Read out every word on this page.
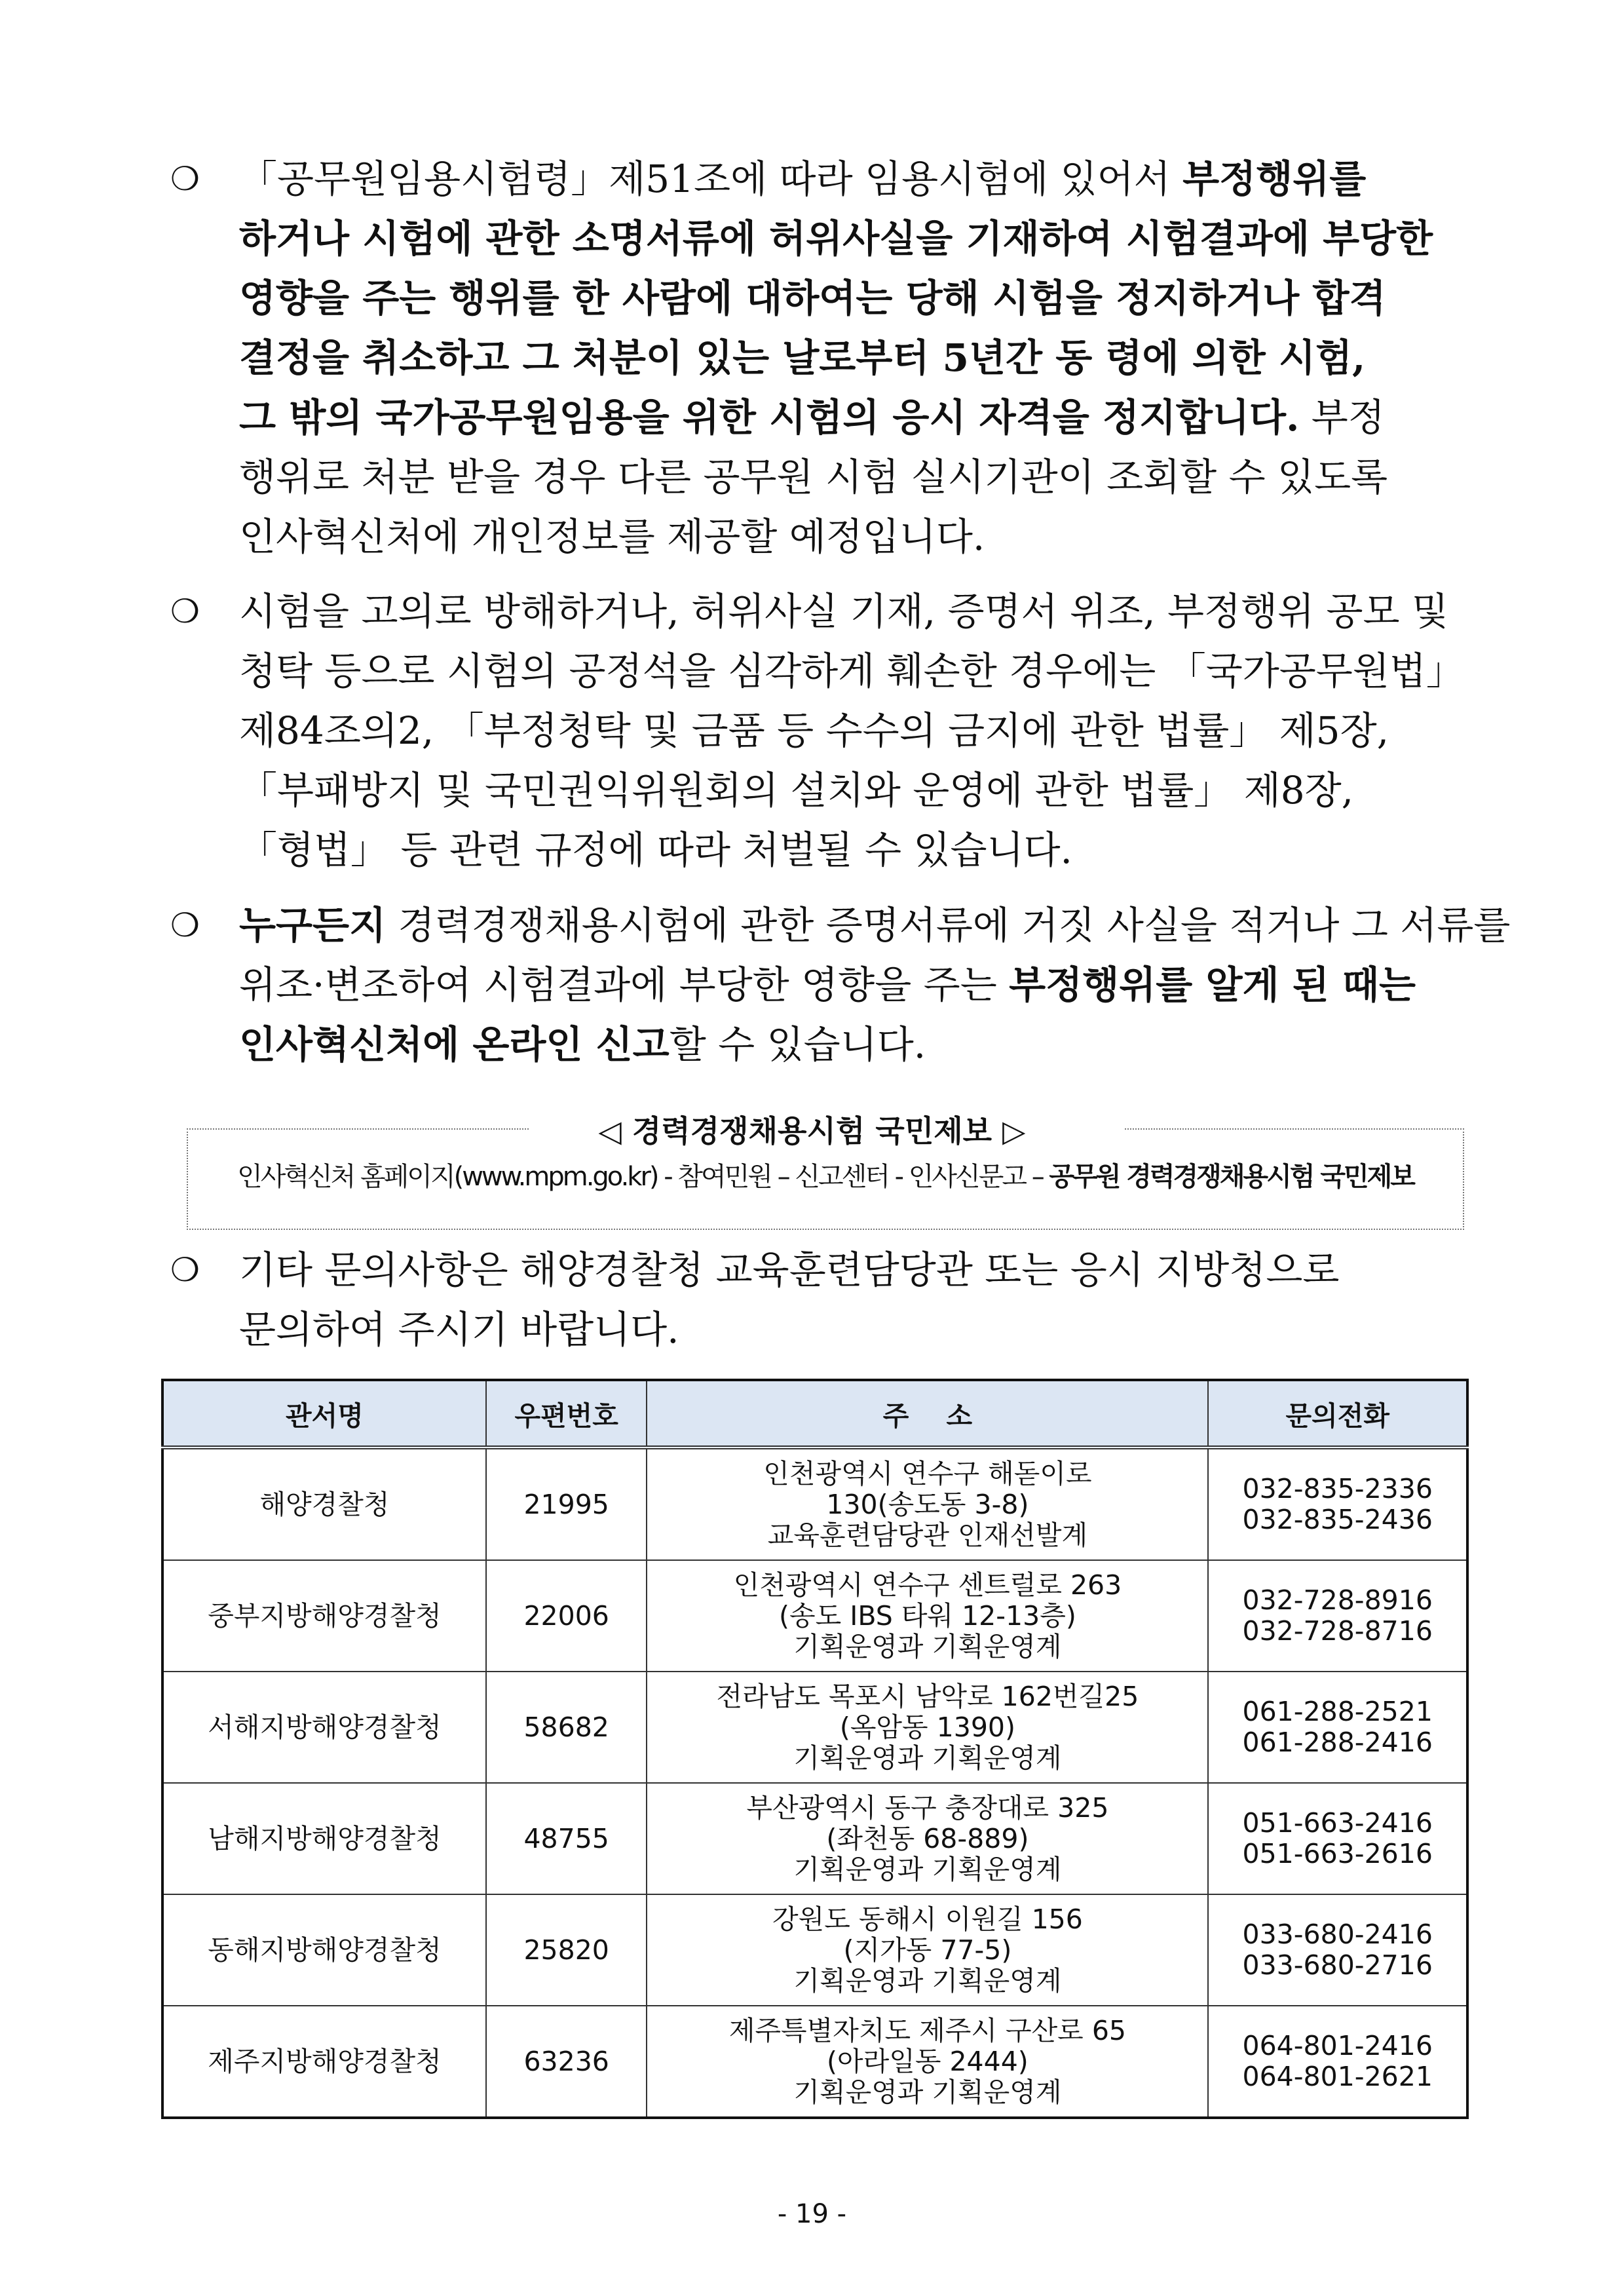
❍ 「공무원임용시험령」제51조에 따라 임용시험에 있어서 부정행위를
하거나 시험에 관한 소명서류에 허위사실을 기재하여 시험결과에 부당한
영향을 주는 행위를 한 사람에 대하여는 당해 시험을 정지하거나 합격
결정을 취소하고 그 처분이 있는 날로부터 5년간 동 령에 의한 시험,
그 밖의 국가공무원임용을 위한 시험의 응시 자격을 정지합니다. 부정
행위로 처분 받을 경우 다른 공무원 시험 실시기관이 조회할 수 있도록
인사혁신처에 개인정보를 제공할 예정입니다.
❍ 시험을 고의로 방해하거나, 허위사실 기재, 증명서 위조, 부정행위 공모 및
청탁 등으로 시험의 공정석을 심각하게 훼손한 경우에는 「국가공무원법」
제84조의2, 「부정청탁 및 금품 등 수수의 금지에 관한 법률」 제5장,
「부패방지 및 국민권익위원회의 설치와 운영에 관한 법률」 제8장,
「형법」 등 관련 규정에 따라 처벌될 수 있습니다.
❍ 누구든지 경력경쟁채용시험에 관한 증명서류에 거짓 사실을 적거나 그 서류를
위조·변조하여 시험결과에 부당한 영향을 주는 부정행위를 알게 된 때는
인사혁신처에 온라인 신고할 수 있습니다.
❍ 기타 문의사항은 해양경찰청 교육훈련담당관 또는 응시 지방청으로
문의하여 주시기 바랍니다.
인사혁신처 홈페이지(www.mpm.go.kr) - 참여민원 – 신고센터 - 인사신문고 – 공무원 경력경쟁채용시험 국민제보
◁ 경력경쟁채용시험 국민제보 ▷
관서명	우편번호	주    소	문의전화
해양경찰청	21995	인천광역시 연수구 해돋이로
130(송도동 3-8)
교육훈련담당관 인재선발계	032-835-2336
032-835-2436

중부지방해양경찰청	22006	인천광역시 연수구 센트럴로 263
(송도 IBS 타워 12-13층)
기획운영과 기획운영계	032-728-8916
032-728-8716

서해지방해양경찰청	58682	전라남도 목포시 남악로 162번길25
(옥암동 1390)
기획운영과 기획운영계	061-288-2521
061-288-2416

남해지방해양경찰청	48755	부산광역시 동구 충장대로 325
(좌천동 68-889)
기획운영과 기획운영계	051-663-2416
051-663-2616

동해지방해양경찰청	25820	강원도 동해시 이원길 156
(지가동 77-5)
기획운영과 기획운영계	033-680-2416
033-680-2716

제주지방해양경찰청	63236	제주특별자치도 제주시 구산로 65
(아라일동 2444)
기획운영과 기획운영계	064-801-2416
064-801-2621
- 19 -
